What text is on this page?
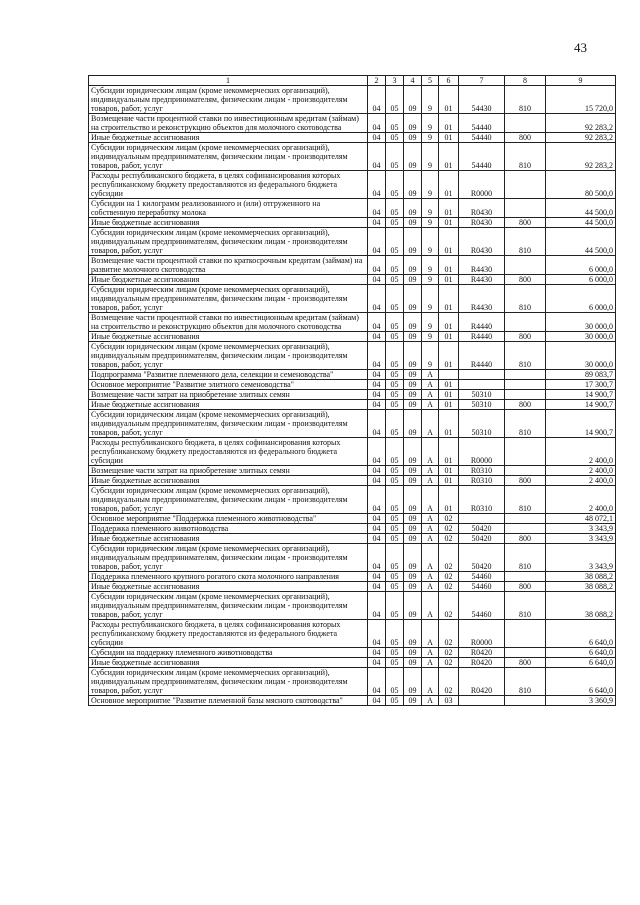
43
1	2	3	4	5	6	7	8	9
Субсидии юридическим лицам (кроме некоммерческих организаций), индивидуальным предпринимателям, физическим лицам - производителям товаров, работ, услуг	04	05	09	9	01	54430	810	15 720,0
Возмещение части процентной ставки по инвестиционным кредитам (займам) на строительство и реконструкцию объектов для молочного скотоводства	04	05	09	9	01	54440		92 283,2
Иные бюджетные ассигнования	04	05	09	9	01	54440	800	92 283,2
Субсидии юридическим лицам (кроме некоммерческих организаций), индивидуальным предпринимателям, физическим лицам - производителям товаров, работ, услуг	04	05	09	9	01	54440	810	92 283,2
Расходы республиканского бюджета, в целях софинансирования которых республиканскому бюджету предоставляются из федерального бюджета субсидии	04	05	09	9	01	R0000		80 500,0
Субсидии на 1 килограмм реализованного и (или) отгруженного на собственную переработку молока	04	05	09	9	01	R0430		44 500,0
Иные бюджетные ассигнования	04	05	09	9	01	R0430	800	44 500,0
Субсидии юридическим лицам (кроме некоммерческих организаций), индивидуальным предпринимателям, физическим лицам - производителям товаров, работ, услуг	04	05	09	9	01	R0430	810	44 500,0
Возмещение части процентной ставки по краткосрочным кредитам (займам) на развитие молочного скотоводства	04	05	09	9	01	R4430		6 000,0
Иные бюджетные ассигнования	04	05	09	9	01	R4430	800	6 000,0
Субсидии юридическим лицам (кроме некоммерческих организаций), индивидуальным предпринимателям, физическим лицам - производителям товаров, работ, услуг	04	05	09	9	01	R4430	810	6 000,0
Возмещение части процентной ставки по инвестиционным кредитам (займам) на строительство и реконструкцию объектов для молочного скотоводства	04	05	09	9	01	R4440		30 000,0
Иные бюджетные ассигнования	04	05	09	9	01	R4440	800	30 000,0
Субсидии юридическим лицам (кроме некоммерческих организаций), индивидуальным предпринимателям, физическим лицам - производителям товаров, работ, услуг	04	05	09	9	01	R4440	810	30 000,0
Подпрограмма "Развитие племенного дела, селекции и семеноводства"	04	05	09	A				89 083,7
Основное мероприятие "Развитие элитного семеноводства"	04	05	09	A	01			17 300,7
Возмещение части затрат на приобретение элитных семян	04	05	09	A	01	50310		14 900,7
Иные бюджетные ассигнования	04	05	09	A	01	50310	800	14 900,7
Субсидии юридическим лицам (кроме некоммерческих организаций), индивидуальным предпринимателям, физическим лицам - производителям товаров, работ, услуг	04	05	09	A	01	50310	810	14 900,7
Расходы республиканского бюджета, в целях софинансирования которых республиканскому бюджету предоставляются из федерального бюджета субсидии	04	05	09	A	01	R0000		2 400,0
Возмещение части затрат на приобретение элитных семян	04	05	09	A	01	R0310		2 400,0
Иные бюджетные ассигнования	04	05	09	A	01	R0310	800	2 400,0
Субсидии юридическим лицам (кроме некоммерческих организаций), индивидуальным предпринимателям, физическим лицам - производителям товаров, работ, услуг	04	05	09	A	01	R0310	810	2 400,0
Основное мероприятие "Поддержка племенного животноводства"	04	05	09	A	02			48 072,1
Поддержка племенного животноводства	04	05	09	A	02	50420		3 343,9
Иные бюджетные ассигнования	04	05	09	A	02	50420	800	3 343,9
Субсидии юридическим лицам (кроме некоммерческих организаций), индивидуальным предпринимателям, физическим лицам - производителям товаров, работ, услуг	04	05	09	A	02	50420	810	3 343,9
Поддержка племенного крупного рогатого скота молочного направления	04	05	09	A	02	54460		38 088,2
Иные бюджетные ассигнования	04	05	09	A	02	54460	800	38 088,2
Субсидии юридическим лицам (кроме некоммерческих организаций), индивидуальным предпринимателям, физическим лицам - производителям товаров, работ, услуг	04	05	09	A	02	54460	810	38 088,2
Расходы республиканского бюджета, в целях софинансирования которых республиканскому бюджету предоставляются из федерального бюджета субсидии	04	05	09	A	02	R0000		6 640,0
Субсидии на поддержку племенного животноводства	04	05	09	A	02	R0420		6 640,0
Иные бюджетные ассигнования	04	05	09	A	02	R0420	800	6 640,0
Субсидии юридическим лицам (кроме некоммерческих организаций), индивидуальным предпринимателям, физическим лицам - производителям товаров, работ, услуг	04	05	09	A	02	R0420	810	6 640,0
Основное мероприятие "Развитие племенной базы мясного скотоводства"	04	05	09	A	03			3 360,9
